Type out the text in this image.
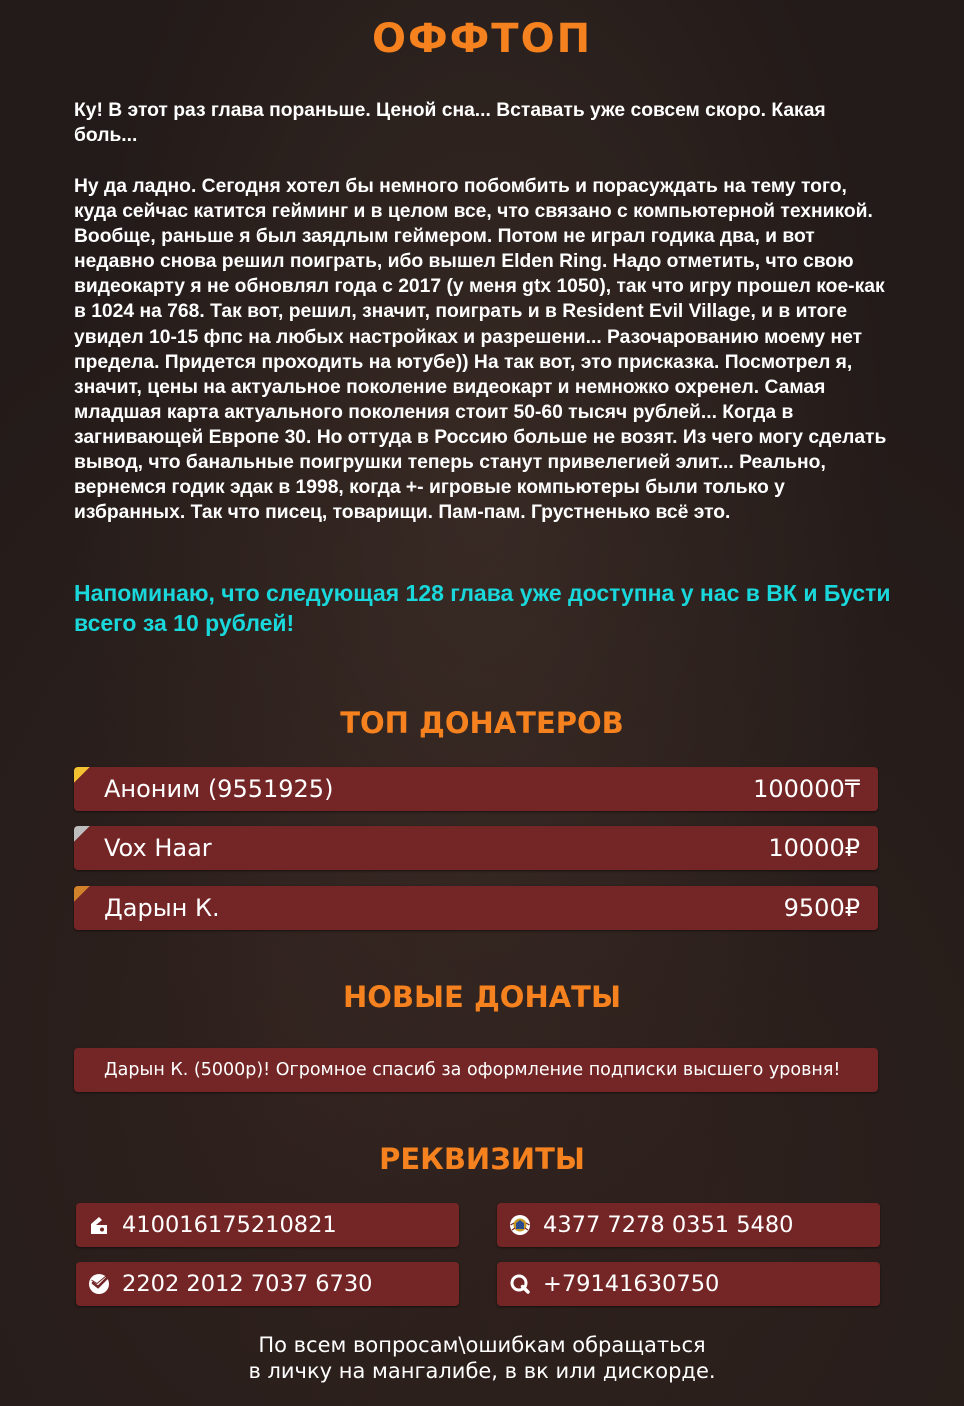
ОФФТОП

Ку! В этот раз глава пораньше. Ценой сна... Вставать уже совсем скоро. Какая боль...

Ну да ладно. Сегодня хотел бы немного побомбить и порасуждать на тему того, куда сейчас катится гейминг и в целом все, что связано с компьютерной техникой. Вообще, раньше я был заядлым геймером. Потом не играл годика два, и вот недавно снова решил поиграть, ибо вышел Elden Ring. Надо отметить, что свою видеокарту я не обновлял года с 2017 (у меня gtx 1050), так что игру прошел кое-как в 1024 на 768. Так вот, решил, значит, поиграть и в Resident Evil Village, и в итоге увидел 10-15 фпс на любых настройках и разрешени... Разочарованию моему нет предела. Придется проходить на ютубе)) На так вот, это присказка. Посмотрел я, значит, цены на актуальное поколение видеокарт и немножко охренел. Самая младшая карта актуального поколения стоит 50-60 тысяч рублей... Когда в загнивающей Европе 30. Но оттуда в Россию больше не возят. Из чего могу сделать вывод, что банальные поигрушки теперь станут привелегией элит... Реально, вернемся годик эдак в 1998, когда +- игровые компьютеры были только у избранных. Так что писец, товарищи. Пам-пам. Грустненько всё это.

Напоминаю, что следующая 128 глава уже доступна у нас в ВК и Бусти всего за 10 рублей!

ТОП ДОНАТЕРОВ
Аноним (9551925)	100000₸
Vox Haar	10000₽
Дарын К.	9500₽
НОВЫЕ ДОНАТЫ
Дарын К. (5000р)! Огромное спасиб за оформление подписки высшего уровня!
РЕКВИЗИТЫ
410016175210821	4377 7278 0351 5480
2202 2012 7037 6730	+79141630750

По всем вопросам\ошибкам обращаться
в личку на мангалибе, в вк или дискорде.
